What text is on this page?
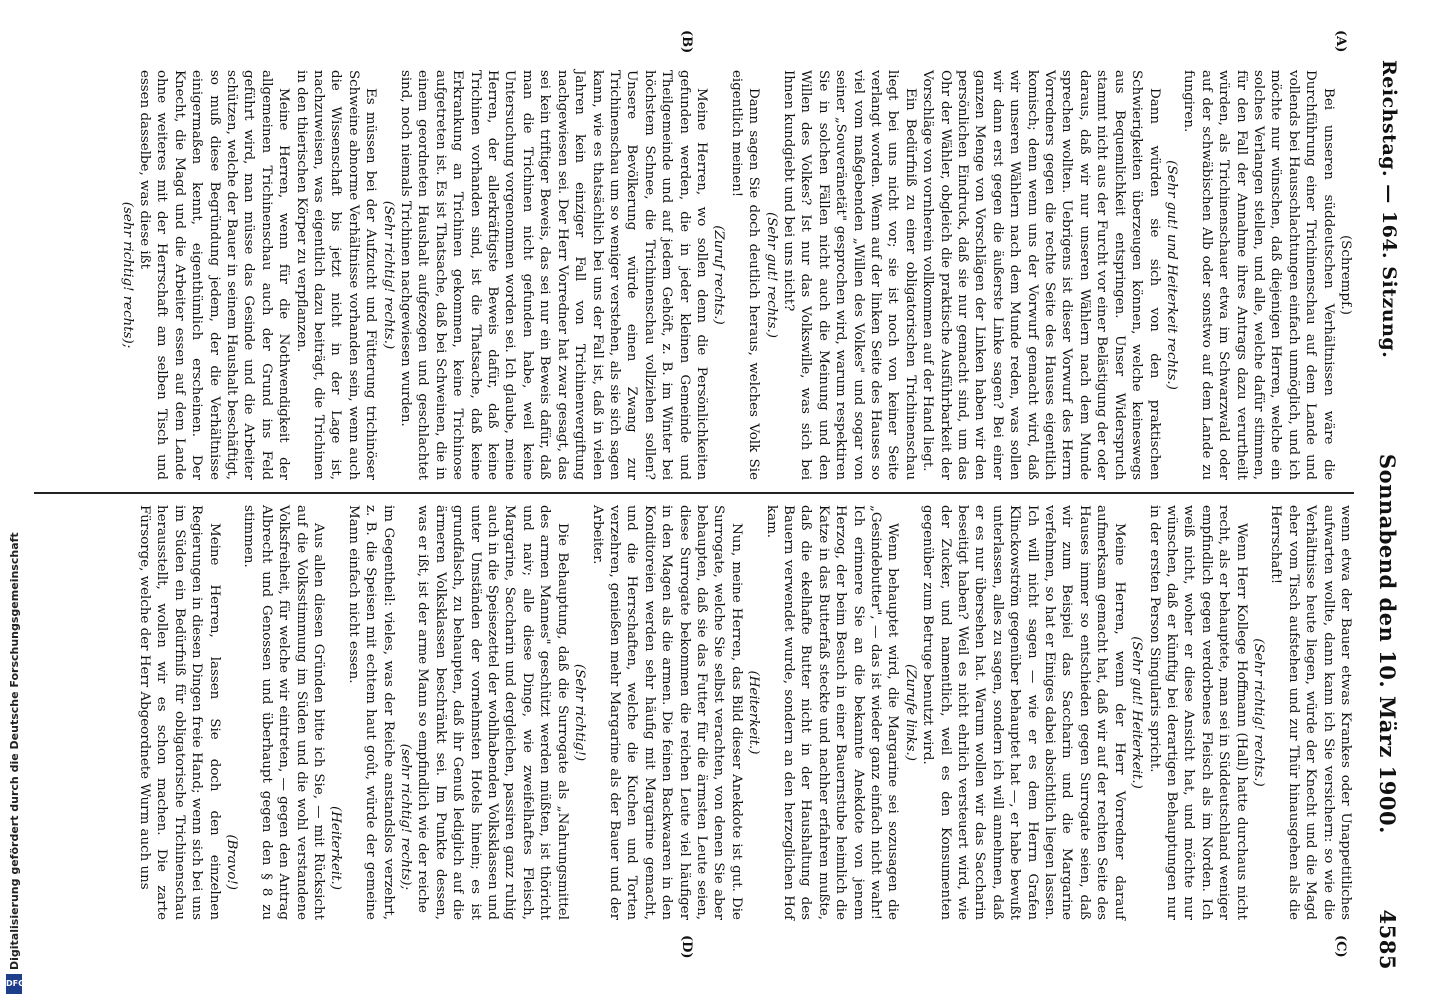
Reichstag. — 164. Sitzung.
Sonnabend den 10. März 1900.  4585
(A)
(B)
(C)
(D)

(Schrempf.)

Bei unseren süddeutschen Verhältnissen wäre die Durchführung einer Trichinenschau auf dem Lande und vollends bei Hausschlachtungen einfach unmöglich, und ich möchte nur wünschen, daß diejenigen Herren, welche ein solches Verlangen stellen, und alle, welche dafür stimmen, für den Fall der Annahme ihres Antrags dazu verurtheilt würden, als Trichinenschauer etwa im Schwarzwald oder auf der schwäbischen Alb oder sonstwo auf dem Lande zu fungiren.

(Sehr gut! und Heiterkeit rechts.)

Dann würden sie sich von den praktischen Schwierigkeiten überzeugen können, welche keineswegs aus Bequemlichkeit entspringen. Unser Widerspruch stammt nicht aus der Furcht vor einer Belästigung der oder daraus, daß wir nur unseren Wählern nach dem Munde sprechen wollten. Uebrigens ist dieser Vorwurf des Herrn Vorredners gegen die rechte Seite des Hauses eigentlich komisch; denn wenn uns der Vorwurf gemacht wird, daß wir unseren Wählern nach dem Munde reden, was sollen wir dann erst gegen die äußerste Linke sagen? Bei einer ganzen Menge von Vorschlägen der Linken haben wir den persönlichen Eindruck, daß sie nur gemacht sind, um das Ohr der Wähler, obgleich die praktische Ausführbarkeit der Vorschläge von vornherein vollkommen auf der Hand liegt.

Ein Bedürfniß zu einer obligatorischen Trichinenschau liegt bei uns nicht vor; sie ist noch von keiner Seite verlangt worden. Wenn auf der linken Seite des Hauses so viel vom maßgebenden „Willen des Volkes" und sogar von seiner „Souveränetät" gesprochen wird, warum respektiren Sie in solchen Fällen nicht auch die Meinung und den Willen des Volkes? Ist nur das Volkswille, was sich bei Ihnen kundgiebt und bei uns nicht?

(Sehr gut! rechts.)

Dann sagen Sie doch deutlich heraus, welches Volk Sie eigentlich meinen!

(Zuruf rechts.)

Meine Herren, wo sollen denn die Persönlichkeiten gefunden werden, die in jeder kleinen Gemeinde und Theilgemeinde und auf jedem Gehöft, z. B. im Winter bei höchstem Schnee, die Trichinenschau vollziehen sollen? Unsere Bevölkerung würde einen Zwang zur Trichinenschau um so weniger verstehen, als sie sich sagen kann, wie es thatsächlich bei uns der Fall ist, daß in vielen Jahren kein einziger Fall von Trichinenvergiftung nachgewiesen sei. Der Herr Vorredner hat zwar gesagt, das sei kein triftiger Beweis, das sei nur ein Beweis dafür, daß man die Trichinen nicht gefunden habe, weil keine Untersuchung vorgenommen worden sei. Ich glaube, meine Herren, der allerkräftigste Beweis dafür, daß keine Trichinen vorhanden sind, ist die Thatsache, daß keine Erkrankung an Trichinen gekommen, keine Trichinose aufgetreten ist. Es ist Thatsache, daß bei Schweinen, die in einem geordneten Haushalt aufgezogen und geschlachtet sind, noch niemals Trichinen nachgewiesen wurden.

(Sehr richtig! rechts.)

Es müssen bei der Aufzucht und Fütterung trichinöser Schweine abnorme Verhältnisse vorhanden sein, wenn auch die Wissenschaft bis jetzt nicht in der Lage ist, nachzuweisen, was eigentlich dazu beiträgt, die Trichinen in den thierischen Körper zu verpflanzen.

Meine Herren, wenn für die Nothwendigkeit der allgemeinen Trichinenschau auch der Grund ins Feld geführt wird, man müsse das Gesinde und die Arbeiter schützen, welche der Bauer in seinem Haushalt beschäftigt, so muß diese Begründung jedem, der die Verhältnisse einigermaßen kennt, eigenthümlich erscheinen. Der Knecht, die Magd und die Arbeiter essen auf dem Lande ohne weiteres mit der Herrschaft am selben Tisch und essen dasselbe, was diese ißt

(sehr richtig! rechts);

wenn etwa der Bauer etwas Krankes oder Unappetitliches aufwarten wollte, dann kann ich Sie versichern: so wie die Verhältnisse heute liegen, würde der Knecht und die Magd eher vom Tisch aufstehen und zur Thür hinausgehen als die Herrschaft!

(Sehr richtig! rechts.)

Wenn Herr Kollege Hoffmann (Hall) hatte durchaus nicht recht, als er behauptete, man sei in Süddeutschland weniger empfindlich gegen verdorbenes Fleisch als im Norden. Ich weiß nicht, woher er diese Ansicht hat, und möchte nur wünschen, daß er künftig bei derartigen Behauptungen nur in der ersten Person Singularis spricht.

(Sehr gut! Heiterkeit.)

Meine Herren, wenn der Herr Vorredner darauf aufmerksam gemacht hat, daß wir auf der rechten Seite des Hauses immer so entschieden gegen Surrogate seien, daß wir zum Beispiel das Saccharin und die Margarine verfehmen, so hat er Einiges dabei absichtlich liegen lassen. Ich will nicht sagen — wie er es dem Herrn Grafen Klinckowström gegenüber behauptet hat —, er habe bewußt unterlassen, alles zu sagen, sondern ich will annehmen, daß er es nur übersehen hat. Warum wollen wir das Saccharin beseitigt haben? Weil es nicht ehrlich versteuert wird, wie der Zucker, und namentlich, weil es den Konsumenten gegenüber zum Betruge benutzt wird.

(Zurufe links.)

Wenn behauptet wird, die Margarine sei sozusagen die „Gesindebutter", — das ist wieder ganz einfach nicht wahr! Ich erinnere Sie an die bekannte Anekdote von jenem Herzog, der beim Besuch in einer Bauernstube heimlich die Katze in das Butterfaß steckte und nachher erfahren mußte, daß die ekelhafte Butter nicht in der Haushaltung des Bauern verwendet wurde, sondern an den herzoglichen Hof kam.

(Heiterkeit.)

Nun, meine Herren, das Bild dieser Anekdote ist gut. Die Surrogate, welche Sie selbst verachten, von denen Sie aber behaupten, daß sie das Futter für die ärmsten Leute seien, diese Surrogate bekommen die reichen Leute viel häufiger in den Magen als die armen. Die feinen Backwaaren in den Konditoreien werden sehr häufig mit Margarine gemacht, und die Herrschaften, welche die Kuchen und Torten verzehren, genießen mehr Margarine als der Bauer und der Arbeiter.

(Sehr richtig!)

Die Behauptung, daß die Surrogate als „Nahrungsmittel des armen Mannes" geschützt werden müßten, ist thöricht und naiv; alle diese Dinge, wie zweifelhaftes Fleisch, Margarine, Saccharin und dergleichen, passiren ganz ruhig auch in die Speisezettel der wohlhabenden Volksklassen und unter Umständen der vornehmsten Hotels hinein; es ist grundfalsch, zu behaupten, daß ihr Genuß lediglich auf die ärmeren Volksklassen beschränkt sei. Im Punkte dessen, was er ißt, ist der arme Mann so empfindlich wie der reiche

(sehr richtig! rechts);

im Gegentheil: vieles, was der Reiche anstandslos verzehrt, z. B. die Speisen mit echtem haut goût, würde der gemeine Mann einfach nicht essen.

(Heiterkeit.)

Aus allen diesen Gründen bitte ich Sie, — mit Rücksicht auf die Volksstimmung im Süden und die wohl verstandene Volksfreiheit, für welche wir eintreten, — gegen den Antrag Albrecht und Genossen und überhaupt gegen den § 8 zu stimmen.

(Bravo!)

Meine Herren, lassen Sie doch den einzelnen Regierungen in diesen Dingen freie Hand; wenn sich bei uns im Süden ein Bedürfniß für obligatorische Trichinenschau herausstellt, wollen wir es schon machen. Die zarte Fürsorge, welche der Herr Abgeordnete Wurm auch uns

Digitalisierung gefördert durch die Deutsche Forschungsgemeinschaft
DFG
